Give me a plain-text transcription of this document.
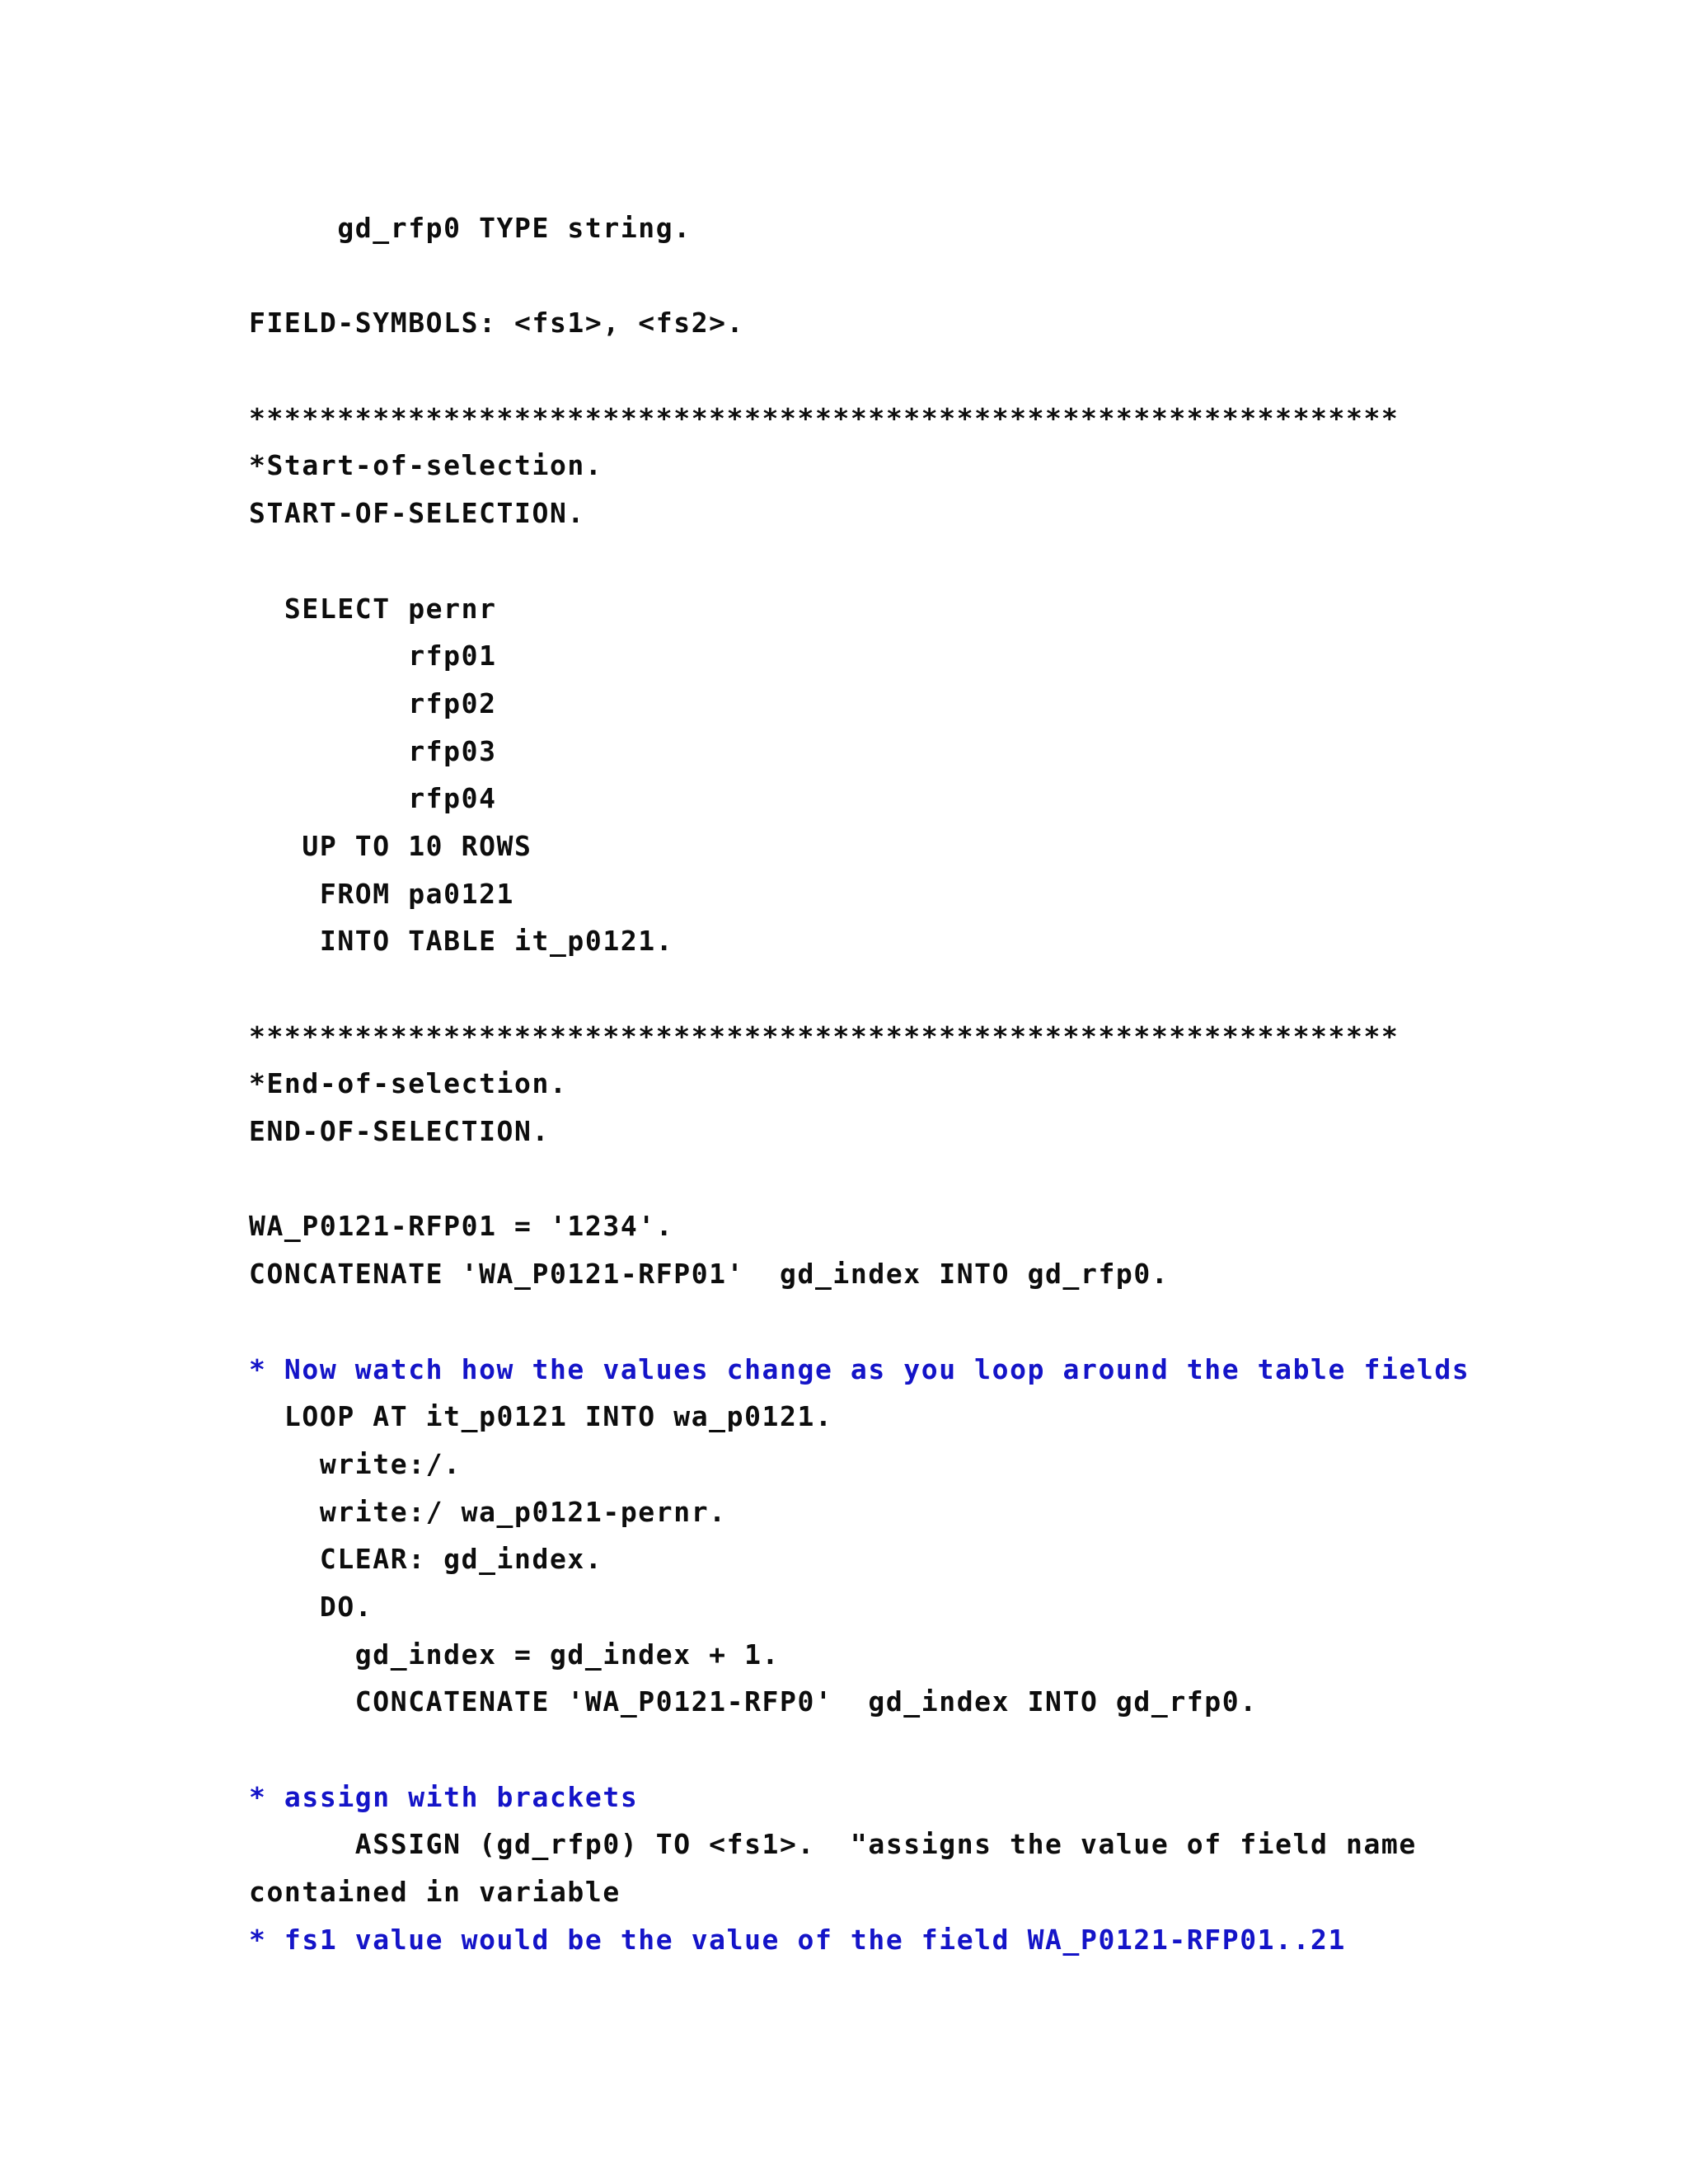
gd_rfp0 TYPE string.
FIELD-SYMBOLS: <fs1>, <fs2>.
*****************************************************************
*Start-of-selection.
START-OF-SELECTION.
SELECT pernr
rfp01
rfp02
rfp03
rfp04
UP TO 10 ROWS
FROM pa0121
INTO TABLE it_p0121.
*****************************************************************
*End-of-selection.
END-OF-SELECTION.
WA_P0121-RFP01 = '1234'.
CONCATENATE 'WA_P0121-RFP01'  gd_index INTO gd_rfp0.
* Now watch how the values change as you loop around the table fields
LOOP AT it_p0121 INTO wa_p0121.
write:/.
write:/ wa_p0121-pernr.
CLEAR: gd_index.
DO.
gd_index = gd_index + 1.
CONCATENATE 'WA_P0121-RFP0'  gd_index INTO gd_rfp0.
* assign with brackets
ASSIGN (gd_rfp0) TO <fs1>.  "assigns the value of field name
contained in variable
* fs1 value would be the value of the field WA_P0121-RFP01..21
